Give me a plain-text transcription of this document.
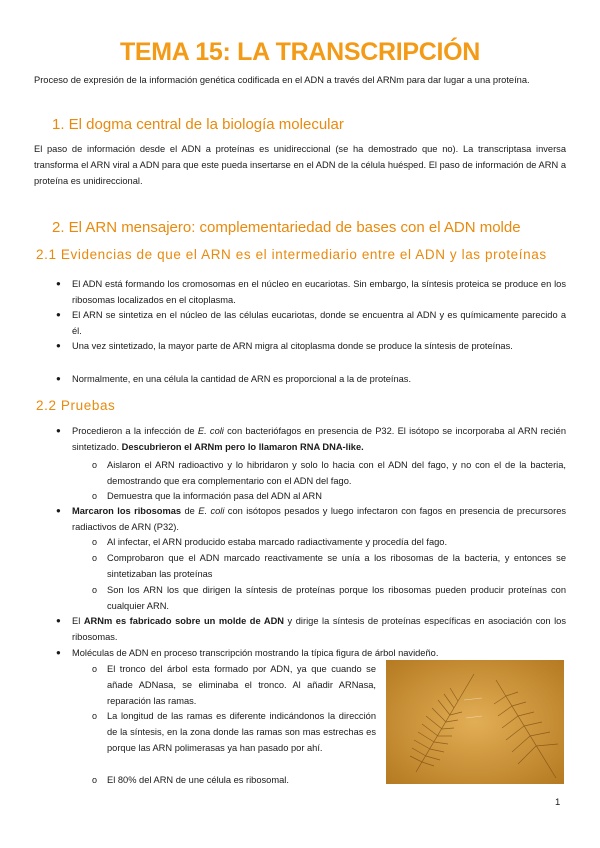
TEMA 15: LA TRANSCRIPCIÓN
Proceso de expresión de la información genética codificada en el ADN a través del ARNm para dar lugar a una proteína.
1. El dogma central de la biología molecular
El paso de información desde el ADN a proteínas es unidireccional (se ha demostrado que no). La transcriptasa inversa transforma el ARN viral a ADN para que este pueda insertarse en el ADN de la célula huésped. El paso de información de ARN a proteína es unidireccional.
2. El ARN mensajero: complementariedad de bases con el ADN molde
2.1 Evidencias de que el ARN es el intermediario entre el ADN y las proteínas
● El ADN está formando los cromosomas en el núcleo en eucariotas. Sin embargo, la síntesis proteica se produce en los ribosomas localizados en el citoplasma.
● El ARN se sintetiza en el núcleo de las células eucariotas, donde se encuentra al ADN y es químicamente parecido a él.
● Una vez sintetizado, la mayor parte de ARN migra al citoplasma donde se produce la síntesis de proteínas.
● Normalmente, en una célula la cantidad de ARN es proporcional a la de proteínas.
2.2 Pruebas
● Procedieron a la infección de E. coli con bacteriófagos en presencia de P32. El isótopo se incorporaba al ARN recién sintetizado. Descubrieron el ARNm pero lo llamaron RNA DNA-like.
o Aislaron el ARN radioactivo y lo hibridaron y solo lo hacia con el ADN del fago, y no con el de la bacteria, demostrando que era complementario con el ADN del fago.
o Demuestra que la información pasa del ADN al ARN
● Marcaron los ribosomas de E. coli con isótopos pesados y luego infectaron con fagos en presencia de precursores radiactivos de ARN (P32).
o Al infectar, el ARN producido estaba marcado radiactivamente y procedía del fago.
o Comprobaron que el ADN marcado reactivamente se unía a los ribosomas de la bacteria, y entonces se sintetizaban las proteínas
o Son los ARN los que dirigen la síntesis de proteínas porque los ribosomas pueden producir proteínas con cualquier ARN.
● El ARNm es fabricado sobre un molde de ADN y dirige la síntesis de proteínas específicas en asociación con los ribosomas.
● Moléculas de ADN en proceso transcripción mostrando la típica figura de árbol navideño.
o El tronco del árbol esta formado por ADN, ya que cuando se añade ADNasa, se eliminaba el tronco. Al añadir ARNasa, reparación las ramas.
o La longitud de las ramas es diferente indicándonos la dirección de la síntesis, en la zona donde las ramas son mas estrechas es porque las ARN polimerasas ya han pasado por ahí.
o El 80% del ARN de une célula es ribosomal.
1
